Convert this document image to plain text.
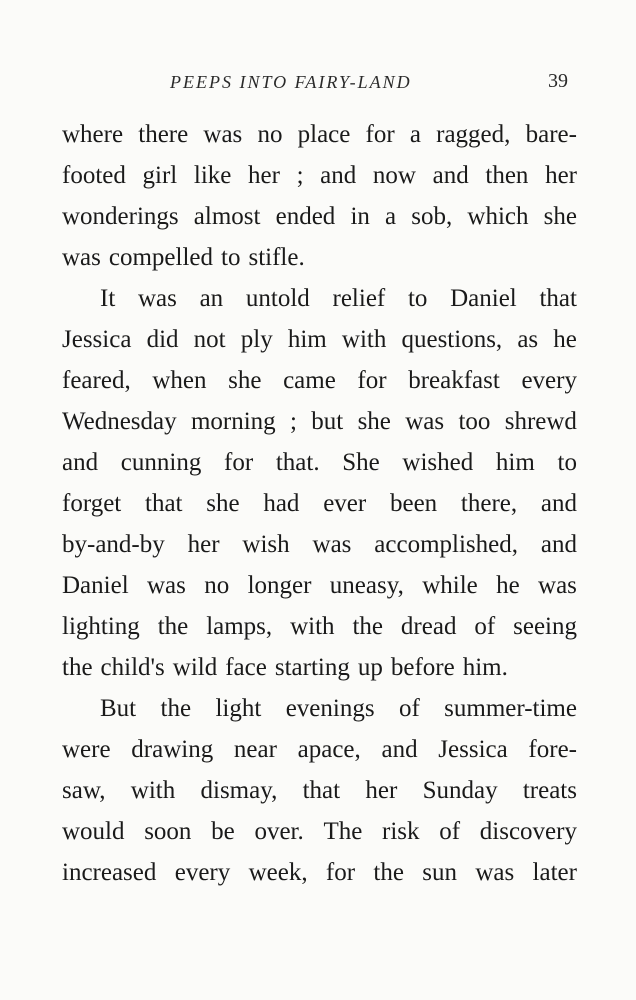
PEEPS INTO FAIRY-LAND	39
where there was no place for a ragged, bare-
footed girl like her ; and now and then her
wonderings almost ended in a sob, which she
was compelled to stifle.
It was an untold relief to Daniel that
Jessica did not ply him with questions, as he
feared, when she came for breakfast every
Wednesday morning ; but she was too shrewd
and cunning for that. She wished him to
forget that she had ever been there, and
by-and-by her wish was accomplished, and
Daniel was no longer uneasy, while he was
lighting the lamps, with the dread of seeing
the child's wild face starting up before him.
But the light evenings of summer-time
were drawing near apace, and Jessica fore-
saw, with dismay, that her Sunday treats
would soon be over. The risk of discovery
increased every week, for the sun was later
